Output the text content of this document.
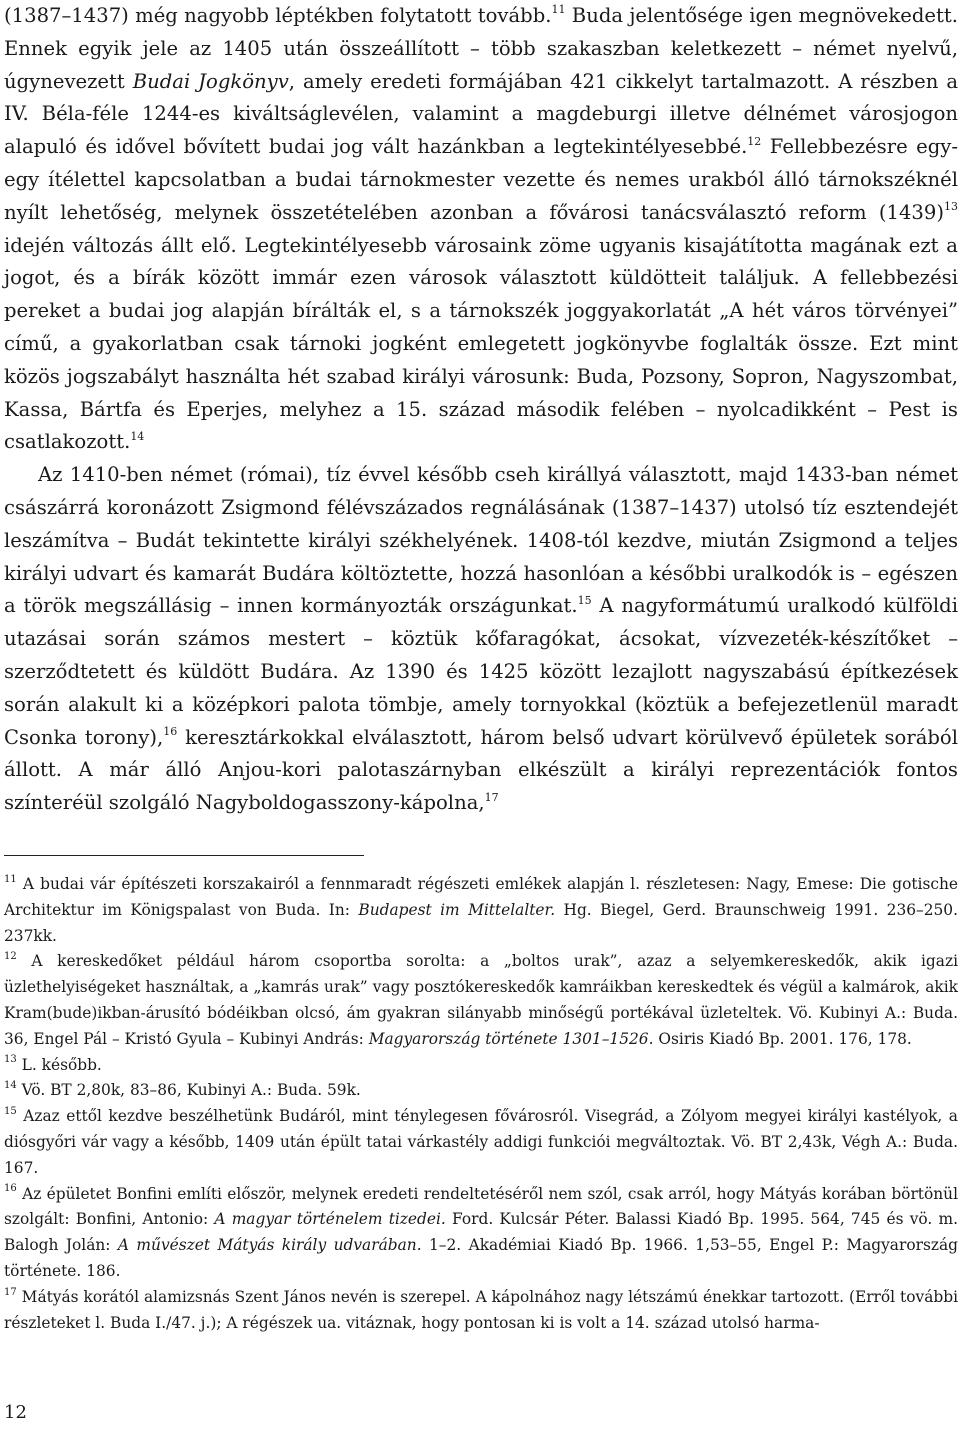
(1387–1437) még nagyobb léptékben folytatott tovább.$^{11}$ Buda jelentősége igen megnövekedett. Ennek egyik jele az 1405 után összeállított – több szakaszban keletkezett – német nyelvű, úgynevezett Budai Jogkönyv, amely eredeti formájában 421 cikkelyt tartalmazott. A részben a IV. Béla-féle 1244-es kiváltságlevélen, valamint a magdeburgi illetve délnémet városjogon alapuló és idővel bővített budai jog vált hazánkban a legtekintélyesebbé.$^{12}$ Fellebbezésre egy-egy ítélettel kapcsolatban a budai tárnokmester vezette és nemes urakból álló tárnokszéknél nyílt lehetőség, melynek összetételében azonban a fővárosi tanácsválasztó reform $(1439)^{13}$ idején változás állt elő. Legtekintélyesebb városaink zöme ugyanis kisajátította magának ezt a jogot, és a bírák között immár ezen városok választott küldötteit találjuk. A fellebbezési pereket a budai jog alapján bírálták el, s a tárnokszék joggyakorlatát „A hét város törvényei” című, a gyakorlatban csak tárnoki jogként emlegetett jogkönyvbe foglalták össze. Ezt mint közös jogszabályt használta hét szabad királyi városunk: Buda, Pozsony, Sopron, Nagyszombat, Kassa, Bártfa és Eperjes, melyhez a 15. század második felében – nyolcadikként – Pest is csatlakozott.$^{14}$

Az 1410-ben német (római), tíz évvel később cseh királlyá választott, majd 1433-ban német császárrá koronázott Zsigmond félévszázados regnálásának (1387–1437) utolsó tíz esztendejét leszámítva – Budát tekintette királyi székhelyének. 1408-tól kezdve, miután Zsigmond a teljes királyi udvart és kamarát Budára költöztette, hozzá hasonlóan a későbbi uralkodók is – egészen a török megszállásig – innen kormányozták országunkat.$^{15}$ A nagyformátumú uralkodó külföldi utazásai során számos mestert – köztük kőfaragókat, ácsokat, vízvezeték-készítőket – szerződtetett és küldött Budára. Az 1390 és 1425 között lezajlott nagyszabású építkezések során alakult ki a középkori palota tömbje, amely tornyokkal (köztük a befejezetlenül maradt Csonka torony),$^{16}$ keresztárkokkal elválasztott, három belső udvart körülvevő épületek sorából állott. A már álló Anjou-kori palotaszárnyban elkészült a királyi reprezentációk fontos színteréül szolgáló Nagyboldogasszony-kápolna,$^{17}$

$^{11}$ A budai vár építészeti korszakairól a fennmaradt régészeti emlékek alapján l. részletesen: Nagy, Emese: Die gotische Architektur im Königspalast von Buda. In: Budapest im Mittelalter. Hg. Biegel, Gerd. Braunschweig 1991. 236–250. 237kk.

$^{12}$ A kereskedőket például három csoportba sorolta: a „boltos urak”, azaz a selyemkereskedők, akik igazi üzlethelyiségeket használtak, a „kamrás urak” vagy posztókereskedők kamráikban kereskedtek és végül a kalmárok, akik Kram(bude)ikban-árusító bódéikban olcsó, ám gyakran silányabb minőségű portékával üzleteltek. Vö. Kubinyi A.: Buda. 36, Engel Pál – Kristó Gyula – Kubinyi András: Magyarország története 1301–1526. Osiris Kiadó Bp. 2001. 176, 178.

$^{13}$ L. később.

$^{14}$ Vö. BT 2,80k, 83–86, Kubinyi A.: Buda. 59k.

$^{15}$ Azaz ettől kezdve beszélhetünk Budáról, mint ténylegesen fővárosról. Visegrád, a Zólyom megyei királyi kastélyok, a diósgyőri vár vagy a később, 1409 után épült tatai várkastély addigi funkciói megváltoztak. Vö. BT 2,43k, Végh A.: Buda. 167.

$^{16}$ Az épületet Bonfini említi először, melynek eredeti rendeltetéséről nem szól, csak arról, hogy Mátyás korában börtönül szolgált: Bonfini, Antonio: A magyar történelem tizedei. Ford. Kulcsár Péter. Balassi Kiadó Bp. 1995. 564, 745 és vö. m. Balogh Jolán: A művészet Mátyás király udvarában. 1–2. Akadémiai Kiadó Bp. 1966. 1,53–55, Engel P.: Magyarország története. 186.

$^{17}$ Mátyás korától alamizsnás Szent János nevén is szerepel. A kápolnához nagy létszámú énekkar tartozott. (Erről további részleteket l. Buda I./47. j.); A régészek ua. vitáznak, hogy pontosan ki is volt a 14. század utolsó harma-

12
